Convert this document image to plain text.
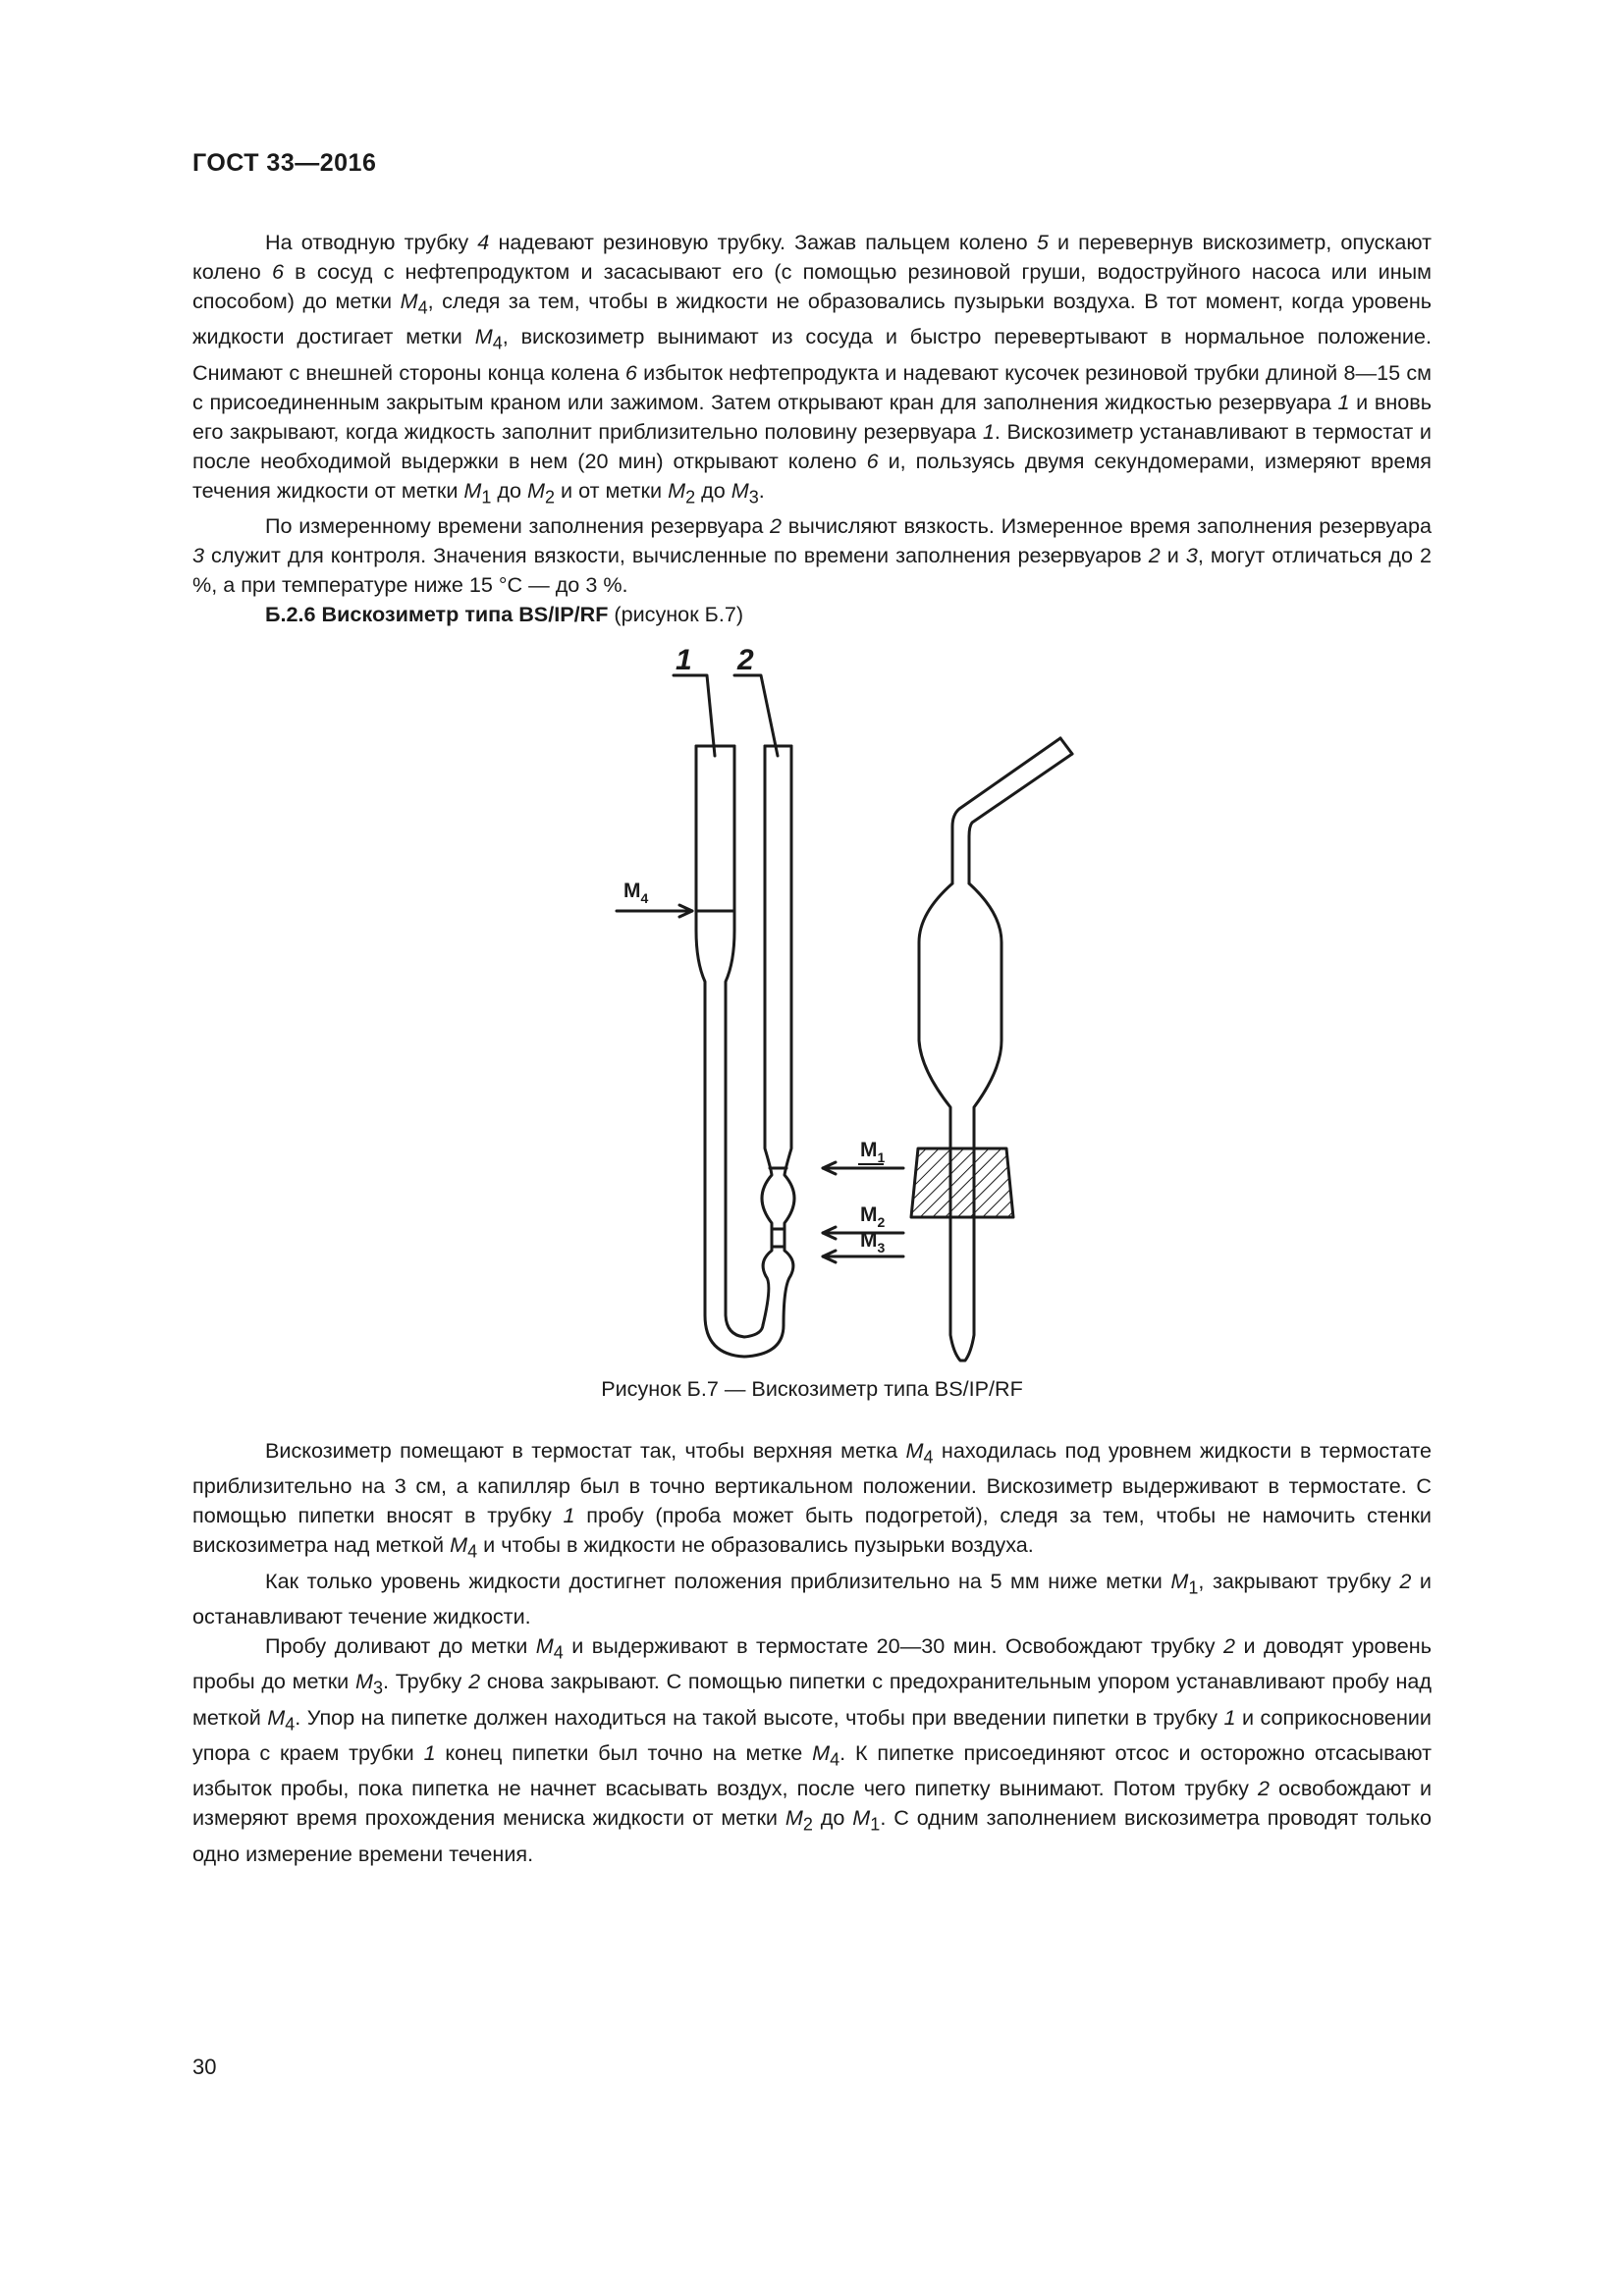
ГОСТ 33—2016

На отводную трубку 4 надевают резиновую трубку. Зажав пальцем колено 5 и перевернув вискозиметр, опускают колено 6 в сосуд с нефтепродуктом и засасывают его (с помощью резиновой груши, водоструйного насоса или иным способом) до метки $M_4$, следя за тем, чтобы в жидкости не образовались пузырьки воздуха. В тот момент, когда уровень жидкости достигает метки $M_4$, вискозиметр вынимают из сосуда и быстро перевертывают в нормальное положение. Снимают с внешней стороны конца колена 6 избыток нефтепродукта и надевают кусочек резиновой трубки длиной 8—15 см с присоединенным закрытым краном или зажимом. Затем открывают кран для заполнения жидкостью резервуара 1 и вновь его закрывают, когда жидкость заполнит приблизительно половину резервуара 1. Вискозиметр устанавливают в термостат и после необходимой выдержки в нем (20 мин) открывают колено 6 и, пользуясь двумя секундомерами, измеряют время течения жидкости от метки $M_1$ до $M_2$ и от метки $M_2$ до $M_3$.

По измеренному времени заполнения резервуара 2 вычисляют вязкость. Измеренное время заполнения резервуара 3 служит для контроля. Значения вязкости, вычисленные по времени заполнения резервуаров 2 и 3, могут отличаться до 2 %, а при температуре ниже 15 °С — до 3 %.

Б.2.6 Вискозиметр типа BS/IP/RF (рисунок Б.7)

1 2
$M_4$
$M_1$
$M_2$
$M_3$
Рисунок Б.7 — Вискозиметр типа BS/IP/RF

Вискозиметр помещают в термостат так, чтобы верхняя метка $M_4$ находилась под уровнем жидкости в термостате приблизительно на 3 см, а капилляр был в точно вертикальном положении. Вискозиметр выдерживают в термостате. С помощью пипетки вносят в трубку 1 пробу (проба может быть подогретой), следя за тем, чтобы не намочить стенки вискозиметра над меткой $M_4$ и чтобы в жидкости не образовались пузырьки воздуха.

Как только уровень жидкости достигнет положения приблизительно на 5 мм ниже метки $M_1$, закрывают трубку 2 и останавливают течение жидкости.

Пробу доливают до метки $M_4$ и выдерживают в термостате 20—30 мин. Освобождают трубку 2 и доводят уровень пробы до метки $M_3$. Трубку 2 снова закрывают. С помощью пипетки с предохранительным упором устанавливают пробу над меткой $M_4$. Упор на пипетке должен находиться на такой высоте, чтобы при введении пипетки в трубку 1 и соприкосновении упора с краем трубки 1 конец пипетки был точно на метке $M_4$. К пипетке присоединяют отсос и осторожно отсасывают избыток пробы, пока пипетка не начнет всасывать воздух, после чего пипетку вынимают. Потом трубку 2 освобождают и измеряют время прохождения мениска жидкости от метки $M_2$ до $M_1$. С одним заполнением вискозиметра проводят только одно измерение времени течения.

30
